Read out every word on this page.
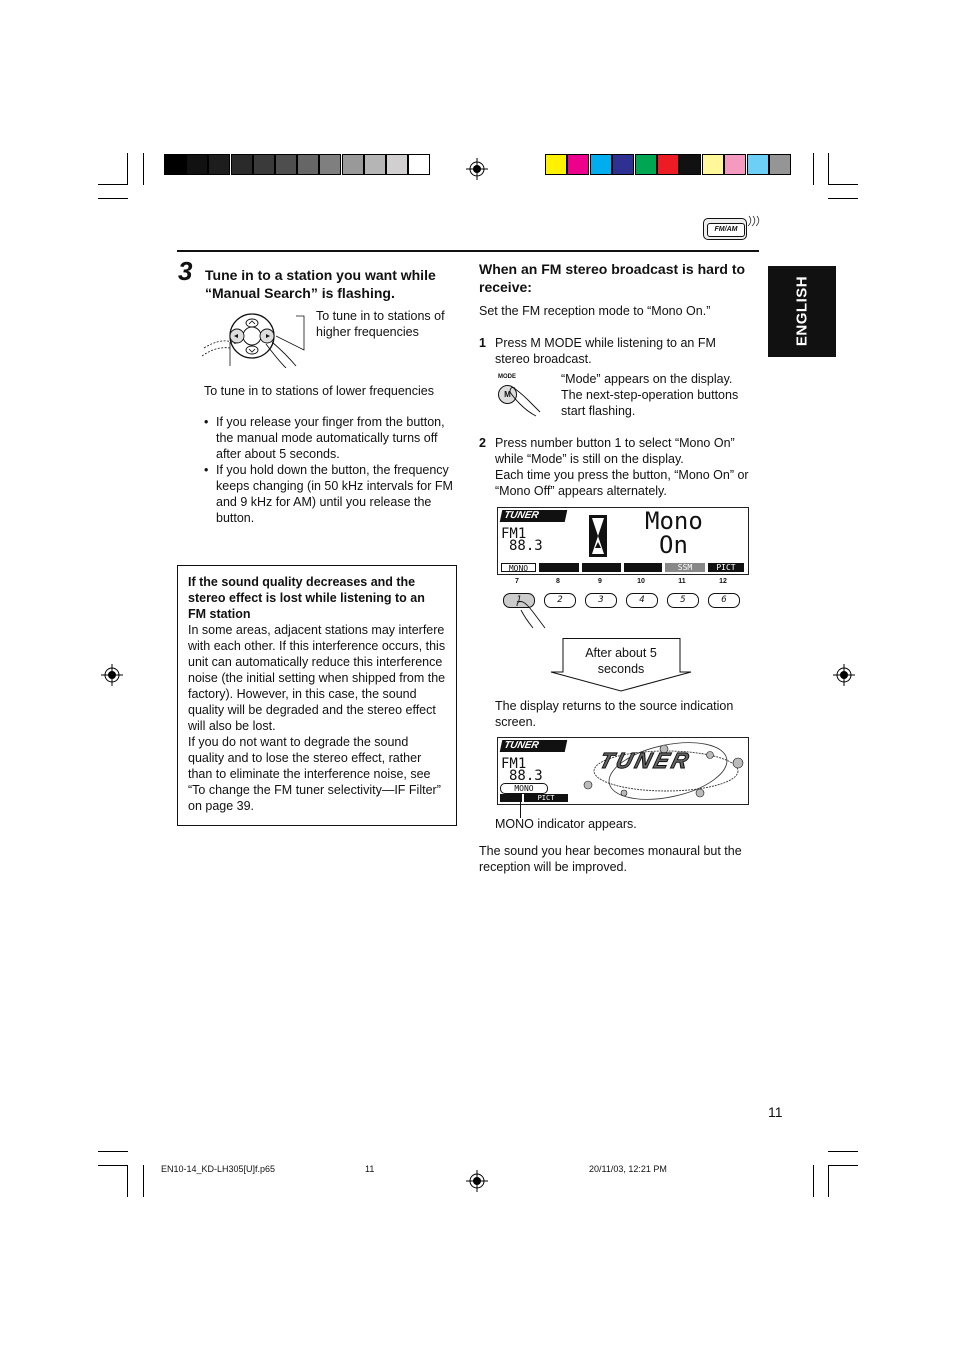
FM/AM
ENGLISH
3 Tune in to a station you want while “Manual Search” is flashing.
To tune in to stations of higher frequencies
To tune in to stations of lower frequencies
• If you release your finger from the button, the manual mode automatically turns off after about 5 seconds.
• If you hold down the button, the frequency keeps changing (in 50 kHz intervals for FM and 9 kHz for AM) until you release the button.
If the sound quality decreases and the stereo effect is lost while listening to an FM station
In some areas, adjacent stations may interfere with each other. If this interference occurs, this unit can automatically reduce this interference noise (the initial setting when shipped from the factory). However, in this case, the sound quality will be degraded and the stereo effect will also be lost.
If you do not want to degrade the sound quality and to lose the stereo effect, rather than to eliminate the interference noise, see “To change the FM tuner selectivity—IF Filter” on page 39.
When an FM stereo broadcast is hard to receive:
Set the FM reception mode to “Mono On.”
1 Press M MODE while listening to an FM stereo broadcast.
MODE
M
“Mode” appears on the display. The next-step-operation buttons start flashing.
2 Press number button 1 to select “Mono On” while “Mode” is still on the display.
Each time you press the button, “Mono On” or “Mono Off” appears alternately.
TUNER
FM1
88.3
Mono
On
MONO	SSM	PICT
7	8	9	10	11	12
1	2	3	4	5	6
After about 5 seconds
The display returns to the source indication screen.
TUNER
FM1
88.3
MONO
PICT
TUNER
MONO indicator appears.
The sound you hear becomes monaural but the reception will be improved.
11
EN10-14_KD-LH305[U]f.p65	11	20/11/03, 12:21 PM
